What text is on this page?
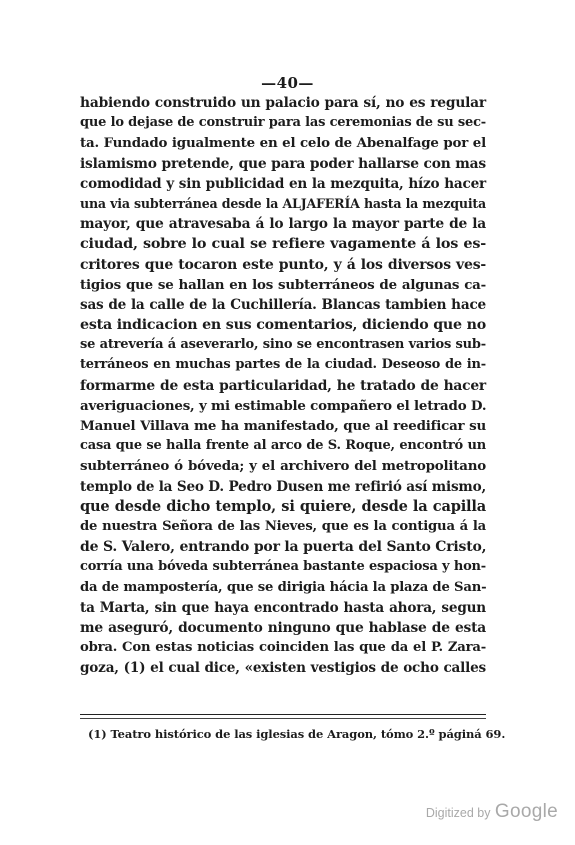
—40—
habiendo construido un palacio para sí, no es regular
que lo dejase de construir para las ceremonias de su sec-
ta. Fundado igualmente en el celo de Abenalfage por el
islamismo pretende, que para poder hallarse con mas
comodidad y sin publicidad en la mezquita, hízo hacer
una via subterránea desde la ALJAFERÍA hasta la mezquita
mayor, que atravesaba á lo largo la mayor parte de la
ciudad, sobre lo cual se refiere vagamente á los es-
critores que tocaron este punto, y á los diversos ves-
tigios que se hallan en los subterráneos de algunas ca-
sas de la calle de la Cuchillería. Blancas tambien hace
esta indicacion en sus comentarios, diciendo que no
se atrevería á aseverarlo, sino se encontrasen varios sub-
terráneos en muchas partes de la ciudad. Deseoso de in-
formarme de esta particularidad, he tratado de hacer
averiguaciones, y mi estimable compañero el letrado D.
Manuel Villava me ha manifestado, que al reedificar su
casa que se halla frente al arco de S. Roque, encontró un
subterráneo ó bóveda; y el archivero del metropolitano
templo de la Seo D. Pedro Dusen me refirió así mismo,
que desde dicho templo, si quiere, desde la capilla
de nuestra Señora de las Nieves, que es la contigua á la
de S. Valero, entrando por la puerta del Santo Cristo,
corría una bóveda subterránea bastante espaciosa y hon-
da de mampostería, que se dirigia hácia la plaza de San-
ta Marta, sin que haya encontrado hasta ahora, segun
me aseguró, documento ninguno que hablase de esta
obra. Con estas noticias coinciden las que da el P. Zara-
goza, (1) el cual dice, «existen vestigios de ocho calles
(1) Teatro histórico de las iglesias de Aragon, tómo 2.º páginá 69.
Digitized by Google
